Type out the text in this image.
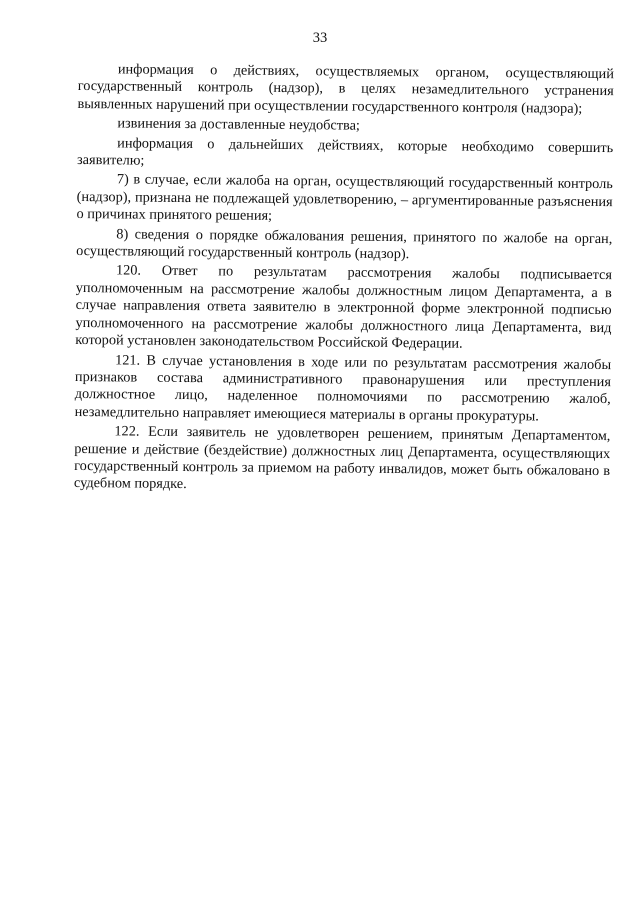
33

информация о действиях, осуществляемых органом, осуществляющий государственный контроль (надзор), в целях незамедлительного устранения выявленных нарушений при осуществлении государственного контроля (надзора);

извинения за доставленные неудобства;

информация о дальнейших действиях, которые необходимо совершить заявителю;

7) в случае, если жалоба на орган, осуществляющий государственный контроль (надзор), признана не подлежащей удовлетворению, – аргументированные разъяснения о причинах принятого решения;

8) сведения о порядке обжалования решения, принятого по жалобе на орган, осуществляющий государственный контроль (надзор).

120. Ответ по результатам рассмотрения жалобы подписывается уполномоченным на рассмотрение жалобы должностным лицом Департамента, а в случае направления ответа заявителю в электронной форме электронной подписью уполномоченного на рассмотрение жалобы должностного лица Департамента, вид которой установлен законодательством Российской Федерации.

121. В случае установления в ходе или по результатам рассмотрения жалобы признаков состава административного правонарушения или преступления должностное лицо, наделенное полномочиями по рассмотрению жалоб, незамедлительно направляет имеющиеся материалы в органы прокуратуры.

122. Если заявитель не удовлетворен решением, принятым Департаментом, решение и действие (бездействие) должностных лиц Департамента, осуществляющих государственный контроль за приемом на работу инвалидов, может быть обжаловано в судебном порядке.
